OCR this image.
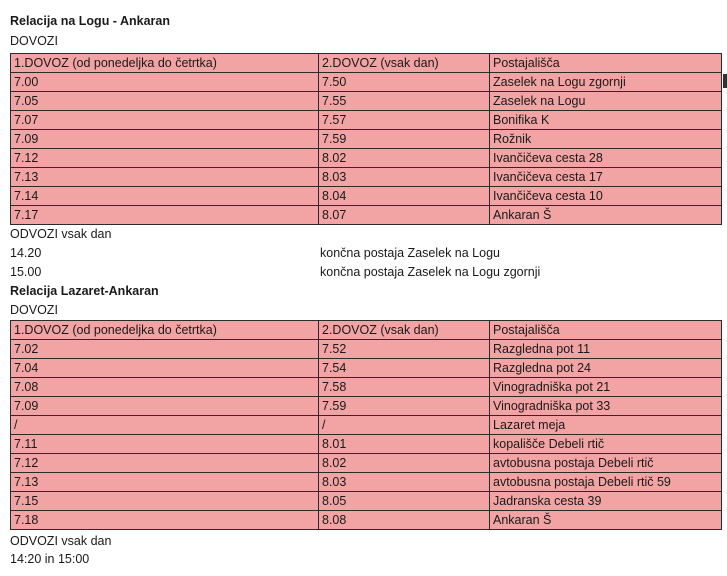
Relacija na Logu - Ankaran
DOVOZI
1.DOVOZ (od ponedeljka do četrtka)	2.DOVOZ (vsak dan)	Postajališča
7.00	7.50	Zaselek na Logu zgornji
7.05	7.55	Zaselek na Logu
7.07	7.57	Bonifika K
7.09	7.59	Rožnik
7.12	8.02	Ivančičeva cesta 28
7.13	8.03	Ivančičeva cesta 17
7.14	8.04	Ivančičeva cesta 10
7.17	8.07	Ankaran Š
ODVOZI vsak dan
14.20	končna postaja Zaselek na Logu
15.00	končna postaja Zaselek na Logu zgornji
Relacija Lazaret-Ankaran
DOVOZI
1.DOVOZ (od ponedeljka do četrtka)	2.DOVOZ (vsak dan)	Postajališča
7.02	7.52	Razgledna pot 11
7.04	7.54	Razgledna pot 24
7.08	7.58	Vinogradniška pot 21
7.09	7.59	Vinogradniška pot 33
/	/	Lazaret meja
7.11	8.01	kopališče Debeli rtič
7.12	8.02	avtobusna postaja Debeli rtič
7.13	8.03	avtobusna postaja Debeli rtič 59
7.15	8.05	Jadranska cesta 39
7.18	8.08	Ankaran Š
ODVOZI vsak dan
14:20 in 15:00
